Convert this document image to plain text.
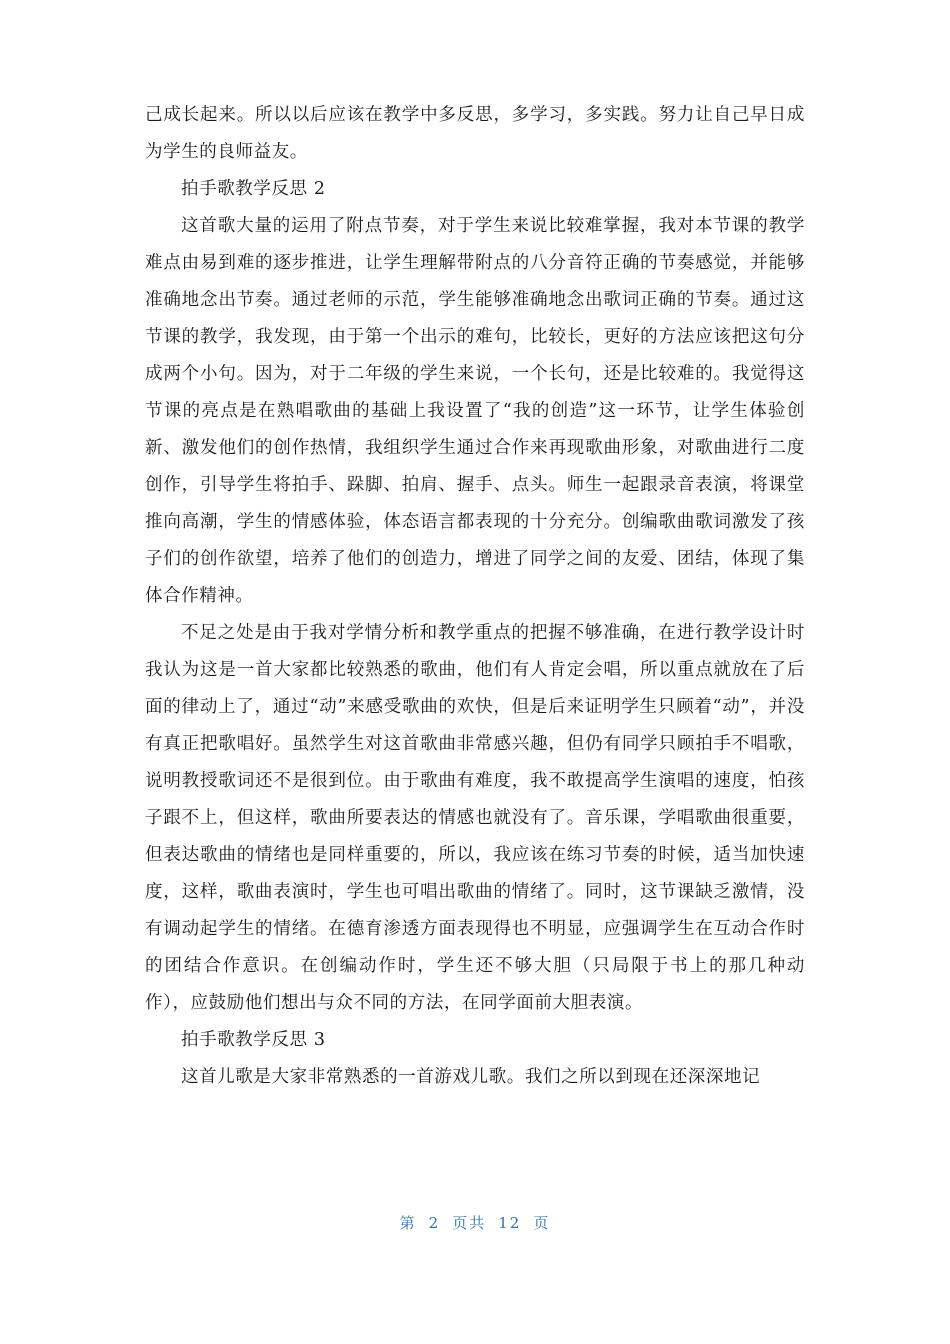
己成长起来。所以以后应该在教学中多反思，多学习，多实践。努力让自己早日成为学生的良师益友。

拍手歌教学反思 2

这首歌大量的运用了附点节奏，对于学生来说比较难掌握，我对本节课的教学难点由易到难的逐步推进，让学生理解带附点的八分音符正确的节奏感觉，并能够准确地念出节奏。通过老师的示范，学生能够准确地念出歌词正确的节奏。通过这节课的教学，我发现，由于第一个出示的难句，比较长，更好的方法应该把这句分成两个小句。因为，对于二年级的学生来说，一个长句，还是比较难的。我觉得这节课的亮点是在熟唱歌曲的基础上我设置了“我的创造”这一环节，让学生体验创新、激发他们的创作热情，我组织学生通过合作来再现歌曲形象，对歌曲进行二度创作，引导学生将拍手、跺脚、拍肩、握手、点头。师生一起跟录音表演，将课堂推向高潮，学生的情感体验，体态语言都表现的十分充分。创编歌曲歌词激发了孩子们的创作欲望，培养了他们的创造力，增进了同学之间的友爱、团结，体现了集体合作精神。

不足之处是由于我对学情分析和教学重点的把握不够准确，在进行教学设计时我认为这是一首大家都比较熟悉的歌曲，他们有人肯定会唱，所以重点就放在了后面的律动上了，通过“动”来感受歌曲的欢快，但是后来证明学生只顾着“动”，并没有真正把歌唱好。虽然学生对这首歌曲非常感兴趣，但仍有同学只顾拍手不唱歌，说明教授歌词还不是很到位。由于歌曲有难度，我不敢提高学生演唱的速度，怕孩子跟不上，但这样，歌曲所要表达的情感也就没有了。音乐课，学唱歌曲很重要，但表达歌曲的情绪也是同样重要的，所以，我应该在练习节奏的时候，适当加快速度，这样，歌曲表演时，学生也可唱出歌曲的情绪了。同时，这节课缺乏激情，没有调动起学生的情绪。在德育渗透方面表现得也不明显，应强调学生在互动合作时的团结合作意识。在创编动作时，学生还不够大胆（只局限于书上的那几种动作），应鼓励他们想出与众不同的方法，在同学面前大胆表演。

拍手歌教学反思 3

这首儿歌是大家非常熟悉的一首游戏儿歌。我们之所以到现在还深深地记

第 2 页共 12 页
